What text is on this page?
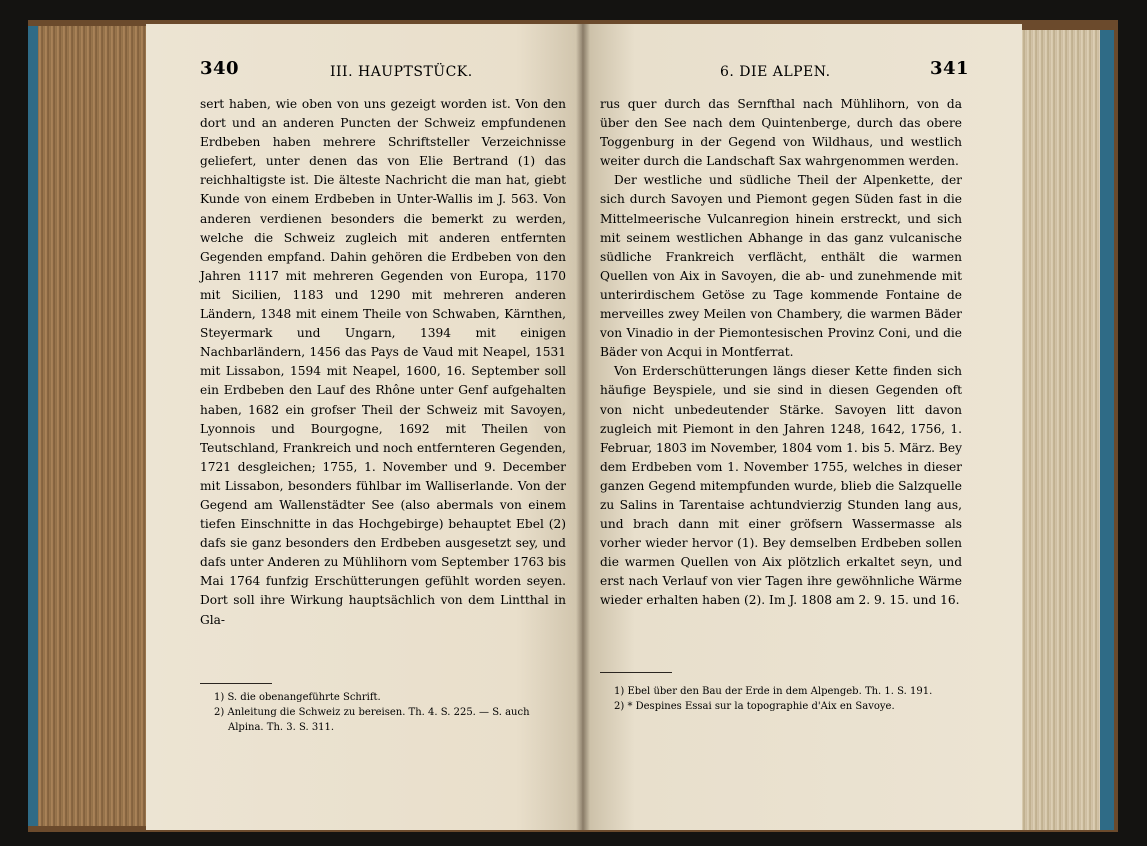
340	III. HAUPTSTÜCK.

sert haben, wie oben von uns gezeigt worden ist. Von den dort und an anderen Puncten der Schweiz empfundenen Erdbeben haben mehrere Schriftsteller Verzeichnisse geliefert, unter denen das von Elie Bertrand (1) das reichhaltigste ist. Die älteste Nachricht die man hat, giebt Kunde von einem Erdbeben in Unter-Wallis im J. 563. Von anderen verdienen besonders die bemerkt zu werden, welche die Schweiz zugleich mit anderen entfernten Gegenden empfand. Dahin gehören die Erdbeben von den Jahren 1117 mit mehreren Gegenden von Europa, 1170 mit Sicilien, 1183 und 1290 mit mehreren anderen Ländern, 1348 mit einem Theile von Schwaben, Kärnthen, Steyermark und Ungarn, 1394 mit einigen Nachbarländern, 1456 das Pays de Vaud mit Neapel, 1531 mit Lissabon, 1594 mit Neapel, 1600, 16. September soll ein Erdbeben den Lauf des Rhône unter Genf aufgehalten haben, 1682 ein grofser Theil der Schweiz mit Savoyen, Lyonnois und Bourgogne, 1692 mit Theilen von Teutschland, Frankreich und noch entfernteren Gegenden, 1721 desgleichen; 1755, 1. November und 9. December mit Lissabon, besonders fühlbar im Walliserlande. Von der Gegend am Wallenstädter See (also abermals von einem tiefen Einschnitte in das Hochgebirge) behauptet Ebel (2) dafs sie ganz besonders den Erdbeben ausgesetzt sey, und dafs unter Anderen zu Mühlihorn vom September 1763 bis Mai 1764 funfzig Erschütterungen gefühlt worden seyen. Dort soll ihre Wirkung hauptsächlich von dem Lintthal in Gla-

1) S. die obenangeführte Schrift.
2) Anleitung die Schweiz zu bereisen. Th. 4. S. 225. — S. auch Alpina. Th. 3. S. 311.
6. DIE ALPEN.	341

rus quer durch das Sernfthal nach Mühlihorn, von da über den See nach dem Quintenberge, durch das obere Toggenburg in der Gegend von Wildhaus, und westlich weiter durch die Landschaft Sax wahrgenommen werden.

Der westliche und südliche Theil der Alpenkette, der sich durch Savoyen und Piemont gegen Süden fast in die Mittelmeerische Vulcanregion hinein erstreckt, und sich mit seinem westlichen Abhange in das ganz vulcanische südliche Frankreich verflächt, enthält die warmen Quellen von Aix in Savoyen, die ab- und zunehmende mit unterirdischem Getöse zu Tage kommende Fontaine de merveilles zwey Meilen von Chambery, die warmen Bäder von Vinadio in der Piemontesischen Provinz Coni, und die Bäder von Acqui in Montferrat.

Von Erderschütterungen längs dieser Kette finden sich häufige Beyspiele, und sie sind in diesen Gegenden oft von nicht unbedeutender Stärke. Savoyen litt davon zugleich mit Piemont in den Jahren 1248, 1642, 1756, 1. Februar, 1803 im November, 1804 vom 1. bis 5. März. Bey dem Erdbeben vom 1. November 1755, welches in dieser ganzen Gegend mitempfunden wurde, blieb die Salzquelle zu Salins in Tarentaise achtundvierzig Stunden lang aus, und brach dann mit einer gröfsern Wassermasse als vorher wieder hervor (1). Bey demselben Erdbeben sollen die warmen Quellen von Aix plötzlich erkaltet seyn, und erst nach Verlauf von vier Tagen ihre gewöhnliche Wärme wieder erhalten haben (2). Im J. 1808 am 2. 9. 15. und 16.

1) Ebel über den Bau der Erde in dem Alpengeb. Th. 1. S. 191.
2) * Despines Essai sur la topographie d'Aix en Savoye.
